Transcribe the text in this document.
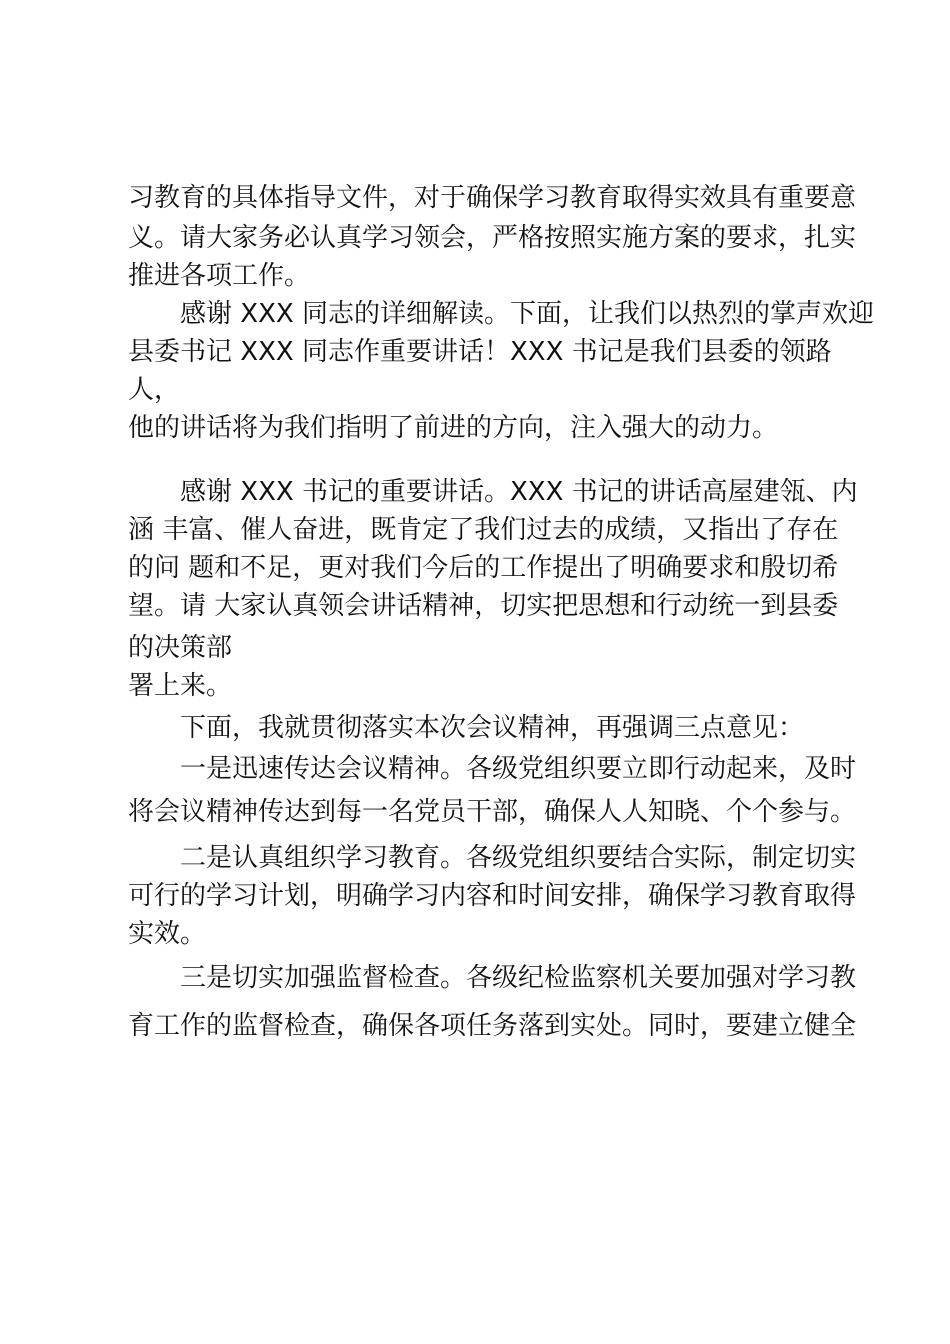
习教育的具体指导文件，对于确保学习教育取得实效具有重要意
义。请大家务必认真学习领会，严格按照实施方案的要求，扎实
推进各项工作。
感谢 XXX 同志的详细解读。下面，让我们以热烈的掌声欢迎
县委书记 XXX 同志作重要讲话！XXX 书记是我们县委的领路
人，
他的讲话将为我们指明了前进的方向，注入强大的动力。
感谢 XXX 书记的重要讲话。XXX 书记的讲话高屋建瓴、内
涵 丰富、催人奋进，既肯定了我们过去的成绩，又指出了存在
的问 题和不足，更对我们今后的工作提出了明确要求和殷切希
望。请 大家认真领会讲话精神，切实把思想和行动统一到县委
的决策部
署上来。
下面，我就贯彻落实本次会议精神，再强调三点意见：
一是迅速传达会议精神。各级党组织要立即行动起来，及时
将会议精神传达到每一名党员干部，确保人人知晓、个个参与。
二是认真组织学习教育。各级党组织要结合实际，制定切实
可行的学习计划，明确学习内容和时间安排，确保学习教育取得
实效。
三是切实加强监督检查。各级纪检监察机关要加强对学习教
育工作的监督检查，确保各项任务落到实处。同时，要建立健全
